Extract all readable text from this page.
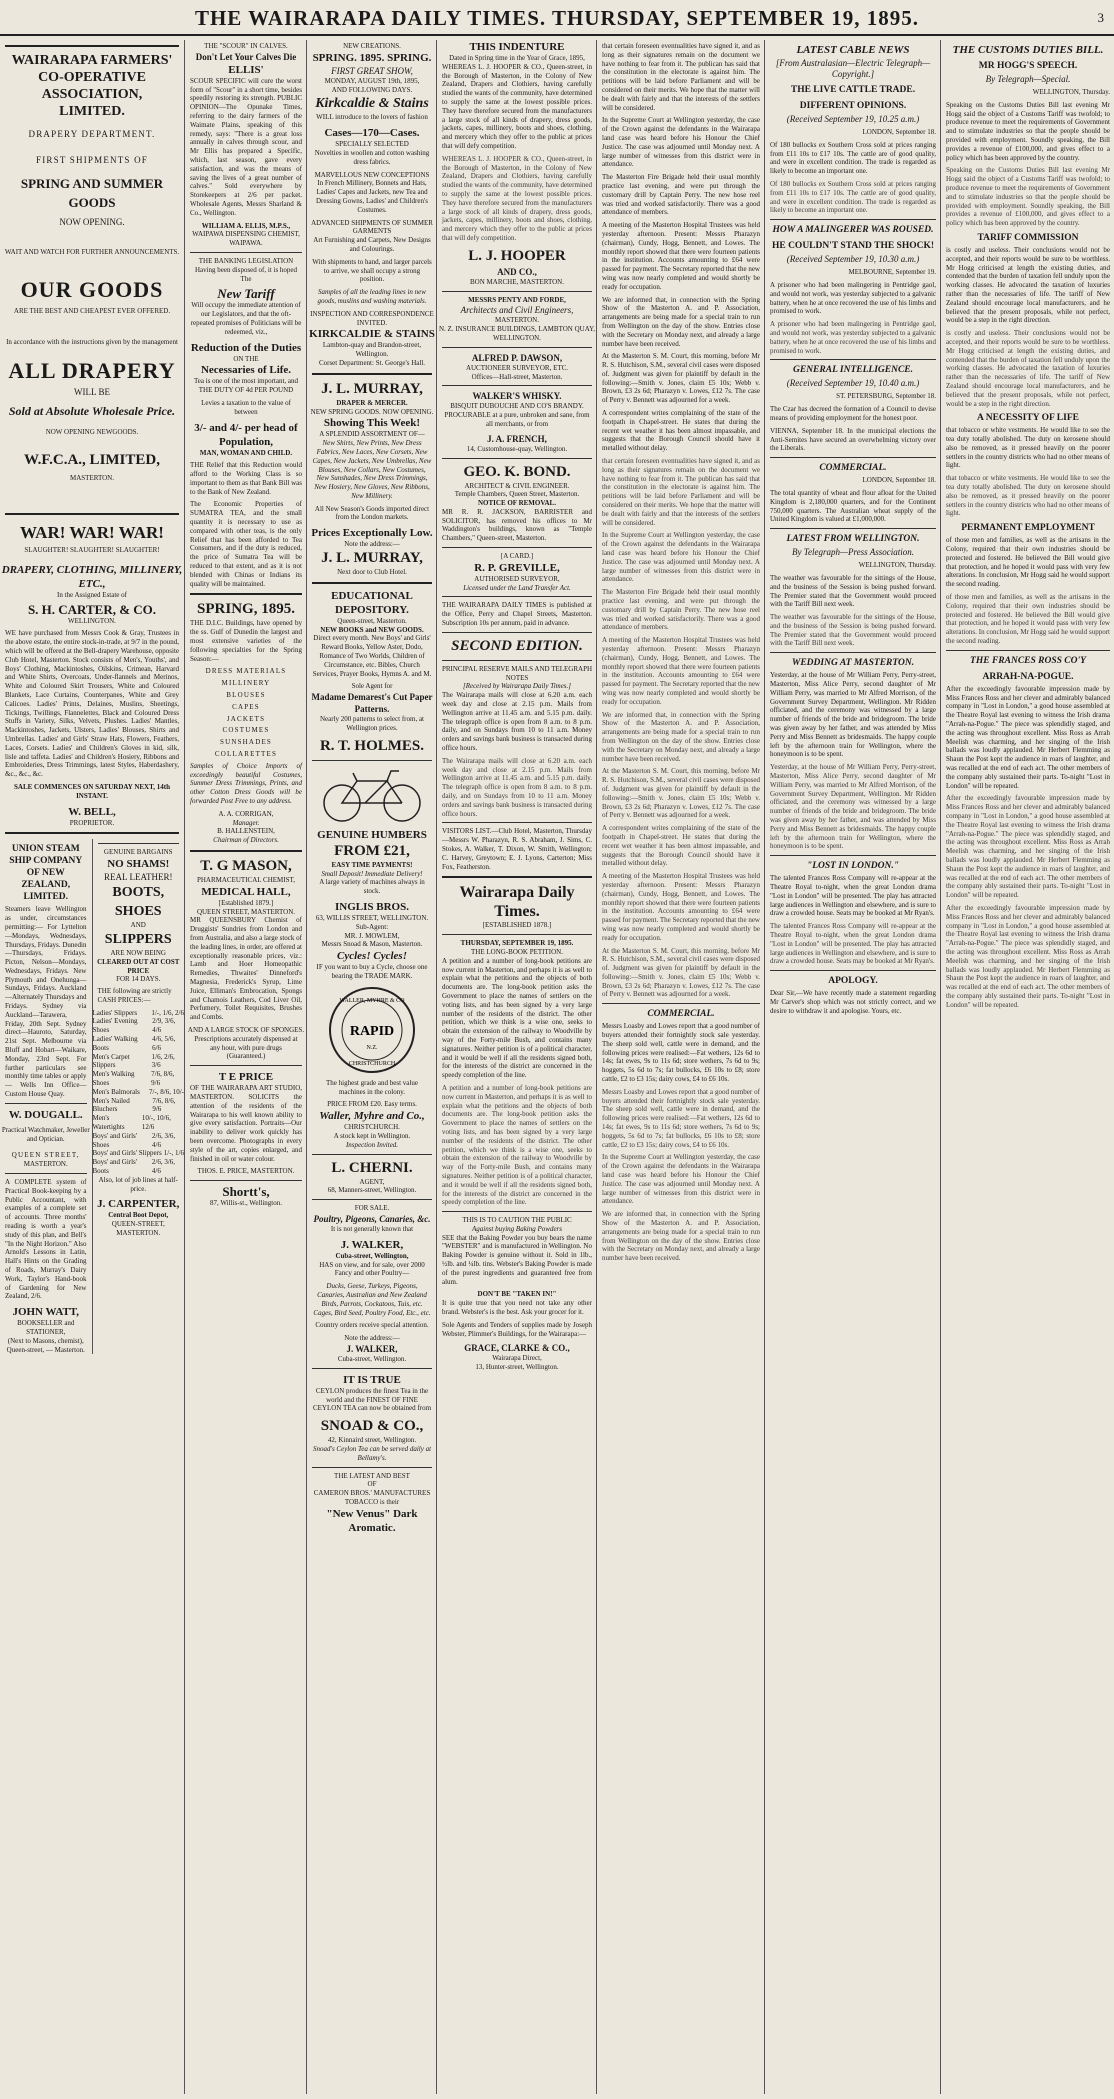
THE WAIRARAPA DAILY TIMES. THURSDAY, SEPTEMBER 19, 1895.	3
WAIRARAPA FARMERS'
CO-OPERATIVE ASSOCIATION,
LIMITED.
DRAPERY DEPARTMENT.
FIRST SHIPMENTS OF
SPRING AND SUMMER GOODS
NOW OPENING.
WAIT AND WATCH FOR FURTHER ANNOUNCEMENTS.
OUR GOODS
ARE THE BEST AND CHEAPEST EVER OFFERED.
In accordance with the instructions given by the management
ALL DRAPERY
WILL BE
Sold at Absolute Wholesale Price.
NOW OPENING NEWGOODS.
W.F.C.A., LIMITED,
MASTERTON.
WAR! WAR! WAR!
SLAUGHTER! SLAUGHTER! SLAUGHTER!
DRAPERY, CLOTHING, MILLINERY, ETC.,
In the Assigned Estate of
S. H. CARTER, & CO.
WELLINGTON.
WE have purchased from Messrs Cook & Gray, Trustees in the above estate, the entire stock-in-trade, at 9/7 in the pound, which will be offered at the Bell-drapery Warehouse, opposite Club Hotel, Masterton. Stock consists of Men's, Youths', and Boys' Clothing, Mackintoshes, Oilskins, Crimean, Harvard and White Shirts, Overcoats, Under-flannels and Merinos, White and Coloured Skirt Trousers, White and Coloured Blankets, Lace Curtains, Counterpanes, White and Grey Calicoes. Ladies' Prints, Delaines, Muslins, Sheetings, Tickings, Twillings, Flannelettes, Black and Coloured Dress Stuffs in Variety, Silks, Velvets, Plushes. Ladies' Mantles, Mackintoshes, Jackets, Ulsters, Ladies' Blouses, Shirts and Umbrellas. Ladies' and Girls' Straw Hats, Flowers, Feathers, Laces, Corsets. Ladies' and Children's Gloves in kid, silk, lisle and taffeta. Ladies' and Children's Hosiery, Ribbons and Embroideries, Dress Trimmings, latest Styles, Haberdashery, &c., &c., &c.
SALE COMMENCES ON SATURDAY NEXT, 14th INSTANT.
W. BELL,
PROPRIETOR.
UNION STEAM SHIP COMPANY OF NEW ZEALAND, LIMITED.
Steamers leave Wellington as under, circumstances permitting:— For Lyttelton—Mondays, Wednesdays, Thursdays, Fridays. Dunedin—Thursdays, Fridays. Picton, Nelson—Mondays, Wednesdays, Fridays. New Plymouth and Onehunga—Sundays, Fridays. Auckland—Alternately Thursdays and Fridays. Sydney via Auckland—Tarawera, Friday, 20th Sept. Sydney direct—Hauroto, Saturday, 21st Sept. Melbourne via Bluff and Hobart—Waikare, Monday, 23rd Sept. For further particulars see monthly time tables or apply— Wells Inn Office—Custom House Quay.
W. DOUGALL.
Practical Watchmaker, Jeweller and Optician.
QUEEN STREET,
MASTERTON.
A COMPLETE system of Practical Book-keeping by a Public Accountant, with examples of a complete set of accounts. Three months' reading is worth a year's study of this plan, and Bell's "In the Night Horizon." Also Arnold's Lessons in Latin, Hall's Hints on the Grading of Roads, Murray's Dairy Work, Taylor's Hand-book of Gardening for New Zealand, 2/6.
JOHN WATT,
BOOKSELLER and STATIONER,
(Next to Masons, chemist),
Queen-street, — Masterton.
GENUINE BARGAINS
NO SHAMS!
REAL LEATHER!
BOOTS, SHOES
AND
SLIPPERS
ARE NOW BEING
CLEARED OUT AT COST PRICE
FOR 14 DAYS.
THE following are strictly CASH PRICES:—
Ladies' Slippers 1/-, 1/6, 2/6
Ladies' Evening Shoes
2/9, 3/6, 4/6
Ladies' Walking Boots
4/6, 5/6, 6/6
Men's Carpet Slippers
1/6, 2/6, 3/6
Men's Walking Shoes
7/6, 8/6, 9/6
Men's Balmorals 7/-, 8/6, 10/-
Men's Nailed Bluchers
7/6, 8/6, 9/6
Men's Watertights
10/-, 10/6, 12/6
Boys' and Girls' Shoes
2/6, 3/6, 4/6
Boys' and Girls' Slippers 1/-, 1/6
Boys' and Girls' Boots
2/6, 3/6, 4/6
Also, lot of job lines at half-price.
J. CARPENTER,
Central Boot Depot,
QUEEN-STREET, MASTERTON.
THE "SCOUR" IN CALVES.
Don't Let Your Calves Die
ELLIS'
SCOUR SPECIFIC will cure the worst form of "Scour" in a short time, besides speedily restoring its strength. PUBLIC OPINION—The Opunake Times, referring to the dairy farmers of the Waimate Plains, speaking of this remedy, says: "There is a great loss annually in calves through scour, and Mr Ellis has prepared a Specific, which, last season, gave every satisfaction, and was the means of saving the lives of a great number of calves." Sold everywhere by Storekeepers at 2/6 per packet. Wholesale Agents, Messrs Sharland & Co., Wellington.
WILLIAM A. ELLIS, M.P.S.,
WAIPAWA DISPENSING CHEMIST, WAIPAWA.
THE BANKING LEGISLATION
Having been disposed of, it is hoped The
New Tariff
Will occupy the immediate attention of our Legislators, and that the oft-repeated promises of Politicians will be redeemed, viz.,
Reduction of the Duties
ON THE
Necessaries of Life.
Tea is one of the most important, and THE DUTY OF 4d PER POUND
Levies a taxation to the value of between
3/- and 4/- per head of Population,
MAN, WOMAN AND CHILD.
THE Relief that this Reduction would afford to the Working Class is so important to them as that Bank Bill was to the Bank of New Zealand.
The Economic Properties of SUMATRA TEA, and the small quantity it is necessary to use as compared with other teas, is the only Relief that has been afforded to Tea Consumers, and if the duty is reduced, the price of Sumatra Tea will be reduced to that extent, and as it is not blended with Chinas or Indians its quality will be maintained.
SPRING, 1895.
THE D.I.C. Buildings, have opened by the ss. Gulf of Dunedin the largest and most extensive varieties of the following specialties for the Spring Season:—
DRESS MATERIALS
MILLINERY
BLOUSES
CAPES
JACKETS
COSTUMES
SUNSHADES
COLLARETTES
Samples of Choice Imports of exceedingly beautiful Costumes, Summer Dress Trimmings, Prints, and other Cotton Dress Goods will be forwarded Post Free to any address.
A. A. CORRIGAN,
Manager.
B. HALLENSTEIN,
Chairman of Directors.
T. G MASON,
PHARMACEUTICAL CHEMIST,
MEDICAL HALL,
[Established 1879.]
QUEEN STREET, MASTERTON.
MR QUEENSBURY Chemist of Druggists' Sundries from London and from Australia, and also a large stock of the leading lines, in order, are offered at exceptionally reasonable prices, viz.: Lamb and Hoer Homeopathic Remedies, Thwaites' Dinneford's Magnesia, Frederick's Syrup, Lime Juice, Elliman's Embrocation, Spongs and Chamois Leathers, Cod Liver Oil, Perfumery, Toilet Requisites, Brushes and Combs.
AND A LARGE STOCK OF SPONGES.
Prescriptions accurately dispensed at any hour, with pure drugs (Guaranteed.)
T E PRICE
OF THE WAIRARAPA ART STUDIO, MASTERTON. SOLICITS the attention of the residents of the Wairarapa to his well known ability to give every satisfaction. Portraits—Our inability to deliver work quickly has been overcome. Photographs in every style of the art, copies enlarged, and finished in oil or water colour.
THOS. E. PRICE, MASTERTON.
Shortt's,
87, Willis-st., Wellington.
NEW CREATIONS.
SPRING. 1895. SPRING.
FIRST GREAT SHOW,
MONDAY, AUGUST 19th, 1895,
AND FOLLOWING DAYS.
Kirkcaldie & Stains
WILL introduce to the lovers of fashion
Cases—170—Cases.
SPECIALLY SELECTED
Novelties in woollen and cotton washing dress fabrics.
MARVELLOUS NEW CONCEPTIONS
In French Millinery, Bonnets and Hats, Ladies' Capes and Jackets, new Tea and Dressing Gowns, Ladies' and Children's Costumes.
ADVANCED SHIPMENTS OF SUMMER GARMENTS
Art Furnishing and Carpets, New Designs and Colourings.
With shipments to hand, and larger parcels to arrive, we shall occupy a strong position.
Samples of all the leading lines in new goods, muslins and washing materials.
INSPECTION AND CORRESPONDENCE INVITED.
KIRKCALDIE & STAINS
Lambton-quay and Brandon-street, Wellington.
Corset Department: St. George's Hall.
J. L. MURRAY,
DRAPER & MERCER.
NEW SPRING GOODS. NOW OPENING.
Showing This Week!
A SPLENDID ASSORTMENT OF—
New Shirts, New Prints, New Dress Fabrics, New Laces, New Corsets, New Capes, New Jackets, New Umbrellas, New Blouses, New Collars, New Costumes, New Sunshades, New Dress Trimmings, New Hosiery, New Gloves, New Ribbons, New Millinery.
All New Season's Goods imported direct from the London markets.
Prices Exceptionally Low.
Note the address:—
J. L. MURRAY,
Next door to Club Hotel.
EDUCATIONAL DEPOSITORY.
Queen-street, Masterton.
NEW BOOKS and NEW GOODS.
Direct every month. New Boys' and Girls' Reward Books, Yellow Aster, Dodo, Romance of Two Worlds, Children of Circumstance, etc. Bibles, Church Services, Prayer Books, Hymns A. and M.
Sole Agent for
Madame Demarest's Cut Paper Patterns.
Nearly 200 patterns to select from, at Wellington prices.
R. T. HOLMES.
GENUINE HUMBERS
FROM £21,
EASY TIME PAYMENTS!
Small Deposit! Immediate Delivery!
A large variety of machines always in stock.
INGLIS BROS.
63, WILLIS STREET, WELLINGTON.
Sub-Agent:
MR. J. MOWLEM,
Messrs Snoad & Mason, Masterton.
Cycles! Cycles!
IF you want to buy a Cycle, choose one bearing the TRADE MARK.
RAPID
WALLER, MYHRE & CO
CHRISTCHURCH
N.Z.
The highest grade and best value machines in the colony.
PRICE FROM £20. Easy terms.
Waller, Myhre and Co.,
CHRISTCHURCH.
A stock kept in Wellington.
Inspection Invited.
L. CHERNI.
AGENT,
68, Manners-street, Wellington.
FOR SALE.
Poultry, Pigeons, Canaries, &c.
It is not generally known that
J. WALKER,
Cuba-street, Wellington,
HAS on view, and for sale, over 2000 Fancy and other Poultry—
Ducks, Geese, Turkeys, Pigeons, Canaries, Australian and New Zealand Birds, Parrots, Cockatoos, Tuis, etc. Cages, Bird Seed, Poultry Food, Etc., etc.
Country orders receive special attention.
Note the address:—
J. WALKER,
Cuba-street, Wellington.
IT IS TRUE
CEYLON produces the finest Tea in the world and the FINEST OF FINE CEYLON TEA can now be obtained from
SNOAD & CO.,
42, Kinnaird street, Wellington.
Snoad's Ceylon Tea can be served daily at Bellamy's.
THE LATEST AND BEST
OF
CAMERON BROS.' MANUFACTURES
TOBACCO is their
"New Venus" Dark Aromatic.
THIS INDENTURE
Dated in Spring time in the Year of Grace, 1895,
WHEREAS L. J. HOOPER & CO., Queen-street, in the Borough of Masterton, in the Colony of New Zealand, Drapers and Clothiers, having carefully studied the wants of the community, have determined to supply the same at the lowest possible prices. They have therefore secured from the manufacturers a large stock of all kinds of drapery, dress goods, jackets, capes, millinery, boots and shoes, clothing, and mercery which they offer to the public at prices that will defy competition.
WHEREAS L. J. HOOPER & CO., Queen-street, in the Borough of Masterton, in the Colony of New Zealand, Drapers and Clothiers, having carefully studied the wants of the community, have determined to supply the same at the lowest possible prices. They have therefore secured from the manufacturers a large stock of all kinds of drapery, dress goods, jackets, capes, millinery, boots and shoes, clothing, and mercery which they offer to the public at prices that will defy competition.
L. J. HOOPER
AND CO.,
BON MARCHE, MASTERTON.
MESSRS PENTY AND FORDE,
Architects and Civil Engineers,
MASTERTON.
N. Z. INSURANCE BUILDINGS, LAMBTON QUAY, WELLINGTON.
ALFRED P. DAWSON,
AUCTIONEER SURVEYOR, ETC.
Offices—Hall-street, Masterton.
WALKER'S WHISKY.
BISQUIT DUBOUCHE AND CO'S BRANDY.
PROCURABLE at a pure, unbroken and sane, from all merchants, or from
J. A. FRENCH,
14, Customhouse-quay, Wellington.
GEO. K. BOND.
ARCHITECT & CIVIL ENGINEER.
Temple Chambers, Queen Street, Masterton.
NOTICE OF REMOVAL.
MR R. R. JACKSON, BARRISTER and SOLICITOR, has removed his offices to Mr Waddington's buildings, known as "Temple Chambers," Queen-street, Masterton.
[A CARD.]
R. P. GREVILLE,
AUTHORISED SURVEYOR,
Licensed under the Land Transfer Act.
THE WAIRARAPA DAILY TIMES is published at the Office, Perry and Chapel Streets, Masterton. Subscription 10s per annum, paid in advance.
SECOND EDITION.
PRINCIPAL RESERVE MAILS AND TELEGRAPH NOTES
[Received by Wairarapa Daily Times.]
The Wairarapa mails will close at 6.20 a.m. each week day and close at 2.15 p.m. Mails from Wellington arrive at 11.45 a.m. and 5.15 p.m. daily. The telegraph office is open from 8 a.m. to 8 p.m. daily, and on Sundays from 10 to 11 a.m. Money orders and savings bank business is transacted during office hours.
The Wairarapa mails will close at 6.20 a.m. each week day and close at 2.15 p.m. Mails from Wellington arrive at 11.45 a.m. and 5.15 p.m. daily. The telegraph office is open from 8 a.m. to 8 p.m. daily, and on Sundays from 10 to 11 a.m. Money orders and savings bank business is transacted during office hours.
VISITORS LIST.—Club Hotel, Masterton, Thursday—Messrs W. Pharazyn, R. S. Abraham, J. Sims, C. Stokes, A. Walker, T. Dixon, W. Smith, Wellington; C. Harvey, Greytown; E. J. Lyons, Carterton; Miss Fox, Featherston.
Wairarapa Daily Times.
[ESTABLISHED 1878.]
THURSDAY, SEPTEMBER 19, 1895.
THE LONG-BOOK PETITION.
A petition and a number of long-book petitions are now current in Masterton, and perhaps it is as well to explain what the petitions and the objects of both documents are. The long-book petition asks the Government to place the names of settlers on the voting lists, and has been signed by a very large number of the residents of the district. The other petition, which we think is a wise one, seeks to obtain the extension of the railway to Woodville by way of the Forty-mile Bush, and contains many signatures. Neither petition is of a political character, and it would be well if all the residents signed both, for the interests of the district are concerned in the speedy completion of the line.
A petition and a number of long-book petitions are now current in Masterton, and perhaps it is as well to explain what the petitions and the objects of both documents are. The long-book petition asks the Government to place the names of settlers on the voting lists, and has been signed by a very large number of the residents of the district. The other petition, which we think is a wise one, seeks to obtain the extension of the railway to Woodville by way of the Forty-mile Bush, and contains many signatures. Neither petition is of a political character, and it would be well if all the residents signed both, for the interests of the district are concerned in the speedy completion of the line.
THIS IS TO CAUTION THE PUBLIC
Against buying Baking Powders
SEE that the Baking Powder you buy bears the name "WEBSTER" and is manufactured in Wellington. No Baking Powder is genuine without it. Sold in 1lb., ½lb. and ¼lb. tins. Webster's Baking Powder is made of the purest ingredients and guaranteed free from alum.
DON'T BE "TAKEN IN!"
It is quite true that you need not take any other brand. Webster's is the best. Ask your grocer for it.
Sole Agents and Tenders of supplies made by Joseph Webster, Plimmer's Buildings, for the Wairarapa:—
GRACE, CLARKE & CO.,
Wairarapa Direct,
13, Hunter-street, Wellington.
that certain foreseen eventualities have signed it, and as long as their signatures remain on the document we have nothing to fear from it. The publican has said that the constitution in the electorate is against him. The petitions will be laid before Parliament and will be considered on their merits. We hope that the matter will be dealt with fairly and that the interests of the settlers will be considered.
In the Supreme Court at Wellington yesterday, the case of the Crown against the defendants in the Wairarapa land case was heard before his Honour the Chief Justice. The case was adjourned until Monday next. A large number of witnesses from this district were in attendance.
The Masterton Fire Brigade held their usual monthly practice last evening, and were put through the customary drill by Captain Perry. The new hose reel was tried and worked satisfactorily. There was a good attendance of members.
A meeting of the Masterton Hospital Trustees was held yesterday afternoon. Present: Messrs Pharazyn (chairman), Cundy, Hogg, Bennett, and Lowes. The monthly report showed that there were fourteen patients in the institution. Accounts amounting to £64 were passed for payment. The Secretary reported that the new wing was now nearly completed and would shortly be ready for occupation.
We are informed that, in connection with the Spring Show of the Masterton A. and P. Association, arrangements are being made for a special train to run from Wellington on the day of the show. Entries close with the Secretary on Monday next, and already a large number have been received.
At the Masterton S. M. Court, this morning, before Mr R. S. Hutchison, S.M., several civil cases were disposed of. Judgment was given for plaintiff by default in the following:—Smith v. Jones, claim £5 10s; Webb v. Brown, £3 2s 6d; Pharazyn v. Lowes, £12 7s. The case of Perry v. Bennett was adjourned for a week.
A correspondent writes complaining of the state of the footpath in Chapel-street. He states that during the recent wet weather it has been almost impassable, and suggests that the Borough Council should have it metalled without delay.
that certain foreseen eventualities have signed it, and as long as their signatures remain on the document we have nothing to fear from it. The publican has said that the constitution in the electorate is against him. The petitions will be laid before Parliament and will be considered on their merits. We hope that the matter will be dealt with fairly and that the interests of the settlers will be considered.
In the Supreme Court at Wellington yesterday, the case of the Crown against the defendants in the Wairarapa land case was heard before his Honour the Chief Justice. The case was adjourned until Monday next. A large number of witnesses from this district were in attendance.
The Masterton Fire Brigade held their usual monthly practice last evening, and were put through the customary drill by Captain Perry. The new hose reel was tried and worked satisfactorily. There was a good attendance of members.
A meeting of the Masterton Hospital Trustees was held yesterday afternoon. Present: Messrs Pharazyn (chairman), Cundy, Hogg, Bennett, and Lowes. The monthly report showed that there were fourteen patients in the institution. Accounts amounting to £64 were passed for payment. The Secretary reported that the new wing was now nearly completed and would shortly be ready for occupation.
We are informed that, in connection with the Spring Show of the Masterton A. and P. Association, arrangements are being made for a special train to run from Wellington on the day of the show. Entries close with the Secretary on Monday next, and already a large number have been received.
At the Masterton S. M. Court, this morning, before Mr R. S. Hutchison, S.M., several civil cases were disposed of. Judgment was given for plaintiff by default in the following:—Smith v. Jones, claim £5 10s; Webb v. Brown, £3 2s 6d; Pharazyn v. Lowes, £12 7s. The case of Perry v. Bennett was adjourned for a week.
A correspondent writes complaining of the state of the footpath in Chapel-street. He states that during the recent wet weather it has been almost impassable, and suggests that the Borough Council should have it metalled without delay.
A meeting of the Masterton Hospital Trustees was held yesterday afternoon. Present: Messrs Pharazyn (chairman), Cundy, Hogg, Bennett, and Lowes. The monthly report showed that there were fourteen patients in the institution. Accounts amounting to £64 were passed for payment. The Secretary reported that the new wing was now nearly completed and would shortly be ready for occupation.
At the Masterton S. M. Court, this morning, before Mr R. S. Hutchison, S.M., several civil cases were disposed of. Judgment was given for plaintiff by default in the following:—Smith v. Jones, claim £5 10s; Webb v. Brown, £3 2s 6d; Pharazyn v. Lowes, £12 7s. The case of Perry v. Bennett was adjourned for a week.
COMMERCIAL.
Messrs Loasby and Lowes report that a good number of buyers attended their fortnightly stock sale yesterday. The sheep sold well, cattle were in demand, and the following prices were realised:—Fat wethers, 12s 6d to 14s; fat ewes, 9s to 11s 6d; store wethers, 7s 6d to 9s; hoggets, 5s 6d to 7s; fat bullocks, £6 10s to £8; store cattle, £2 to £3 15s; dairy cows, £4 to £6 10s.
Messrs Loasby and Lowes report that a good number of buyers attended their fortnightly stock sale yesterday. The sheep sold well, cattle were in demand, and the following prices were realised:—Fat wethers, 12s 6d to 14s; fat ewes, 9s to 11s 6d; store wethers, 7s 6d to 9s; hoggets, 5s 6d to 7s; fat bullocks, £6 10s to £8; store cattle, £2 to £3 15s; dairy cows, £4 to £6 10s.
In the Supreme Court at Wellington yesterday, the case of the Crown against the defendants in the Wairarapa land case was heard before his Honour the Chief Justice. The case was adjourned until Monday next. A large number of witnesses from this district were in attendance.
We are informed that, in connection with the Spring Show of the Masterton A. and P. Association, arrangements are being made for a special train to run from Wellington on the day of the show. Entries close with the Secretary on Monday next, and already a large number have been received.
LATEST CABLE NEWS
[From Australasian—Electric Telegraph—Copyright.]
THE LIVE CATTLE TRADE.
DIFFERENT OPINIONS.
(Received September 19, 10.25 a.m.)
LONDON, September 18.
Of 180 bullocks ex Southern Cross sold at prices ranging from £11 10s to £17 10s. The cattle are of good quality, and were in excellent condition. The trade is regarded as likely to become an important one.
Of 180 bullocks ex Southern Cross sold at prices ranging from £11 10s to £17 10s. The cattle are of good quality, and were in excellent condition. The trade is regarded as likely to become an important one.
HOW A MALINGERER WAS ROUSED.
HE COULDN'T STAND THE SHOCK!
(Received September 19, 10.30 a.m.)
MELBOURNE, September 19.
A prisoner who had been malingering in Pentridge gaol, and would not work, was yesterday subjected to a galvanic battery, when he at once recovered the use of his limbs and promised to work.
A prisoner who had been malingering in Pentridge gaol, and would not work, was yesterday subjected to a galvanic battery, when he at once recovered the use of his limbs and promised to work.
GENERAL INTELLIGENCE.
(Received September 19, 10.40 a.m.)
ST. PETERSBURG, September 18.
The Czar has decreed the formation of a Council to devise means of providing employment for the honest poor.
VIENNA, September 18. In the municipal elections the Anti-Semites have secured an overwhelming victory over the Liberals.
COMMERCIAL.
LONDON, September 18.
The total quantity of wheat and flour afloat for the United Kingdom is 2,180,000 quarters, and for the Continent 750,000 quarters. The Australian wheat supply of the United Kingdom is valued at £1,000,000.
LATEST FROM WELLINGTON.
By Telegraph—Press Association.
WELLINGTON, Thursday.
The weather was favourable for the sittings of the House, and the business of the Session is being pushed forward. The Premier stated that the Government would proceed with the Tariff Bill next week.
The weather was favourable for the sittings of the House, and the business of the Session is being pushed forward. The Premier stated that the Government would proceed with the Tariff Bill next week.
WEDDING AT MASTERTON.
Yesterday, at the house of Mr William Perry, Perry-street, Masterton, Miss Alice Perry, second daughter of Mr William Perry, was married to Mr Alfred Morrison, of the Government Survey Department, Wellington. Mr Ridden officiated, and the ceremony was witnessed by a large number of friends of the bride and bridegroom. The bride was given away by her father, and was attended by Miss Perry and Miss Bennett as bridesmaids. The happy couple left by the afternoon train for Wellington, where the honeymoon is to be spent.
Yesterday, at the house of Mr William Perry, Perry-street, Masterton, Miss Alice Perry, second daughter of Mr William Perry, was married to Mr Alfred Morrison, of the Government Survey Department, Wellington. Mr Ridden officiated, and the ceremony was witnessed by a large number of friends of the bride and bridegroom. The bride was given away by her father, and was attended by Miss Perry and Miss Bennett as bridesmaids. The happy couple left by the afternoon train for Wellington, where the honeymoon is to be spent.
"LOST IN LONDON."
The talented Frances Ross Company will re-appear at the Theatre Royal to-night, when the great London drama "Lost in London" will be presented. The play has attracted large audiences in Wellington and elsewhere, and is sure to draw a crowded house. Seats may be booked at Mr Ryan's.
The talented Frances Ross Company will re-appear at the Theatre Royal to-night, when the great London drama "Lost in London" will be presented. The play has attracted large audiences in Wellington and elsewhere, and is sure to draw a crowded house. Seats may be booked at Mr Ryan's.
APOLOGY.
Dear Sir,—We have recently made a statement regarding Mr Carver's shop which was not strictly correct, and we desire to withdraw it and apologise. Yours, etc.
THE CUSTOMS DUTIES BILL.
MR HOGG'S SPEECH.
By Telegraph—Special.
WELLINGTON, Thursday.
Speaking on the Customs Duties Bill last evening Mr Hogg said the object of a Customs Tariff was twofold; to produce revenue to meet the requirements of Government and to stimulate industries so that the people should be provided with employment. Soundly speaking, the Bill provides a revenue of £100,000, and gives effect to a policy which has been approved by the country.
Speaking on the Customs Duties Bill last evening Mr Hogg said the object of a Customs Tariff was twofold; to produce revenue to meet the requirements of Government and to stimulate industries so that the people should be provided with employment. Soundly speaking, the Bill provides a revenue of £100,000, and gives effect to a policy which has been approved by the country.
TARIFF COMMISSION
is costly and useless. Their conclusions would not be accepted, and their reports would be sure to be worthless. Mr Hogg criticised at length the existing duties, and contended that the burden of taxation fell unduly upon the working classes. He advocated the taxation of luxuries rather than the necessaries of life. The tariff of New Zealand should encourage local manufacturers, and he believed that the present proposals, while not perfect, would be a step in the right direction.
is costly and useless. Their conclusions would not be accepted, and their reports would be sure to be worthless. Mr Hogg criticised at length the existing duties, and contended that the burden of taxation fell unduly upon the working classes. He advocated the taxation of luxuries rather than the necessaries of life. The tariff of New Zealand should encourage local manufacturers, and he believed that the present proposals, while not perfect, would be a step in the right direction.
A NECESSITY OF LIFE
that tobacco or white vestments. He would like to see the tea duty totally abolished. The duty on kerosene should also be removed, as it pressed heavily on the poorer settlers in the country districts who had no other means of light.
that tobacco or white vestments. He would like to see the tea duty totally abolished. The duty on kerosene should also be removed, as it pressed heavily on the poorer settlers in the country districts who had no other means of light.
PERMANENT EMPLOYMENT
of those men and families, as well as the artisans in the Colony, required that their own industries should be protected and fostered. He believed the Bill would give that protection, and he hoped it would pass with very few alterations. In conclusion, Mr Hogg said he would support the second reading.
of those men and families, as well as the artisans in the Colony, required that their own industries should be protected and fostered. He believed the Bill would give that protection, and he hoped it would pass with very few alterations. In conclusion, Mr Hogg said he would support the second reading.
THE FRANCES ROSS CO'Y
ARRAH-NA-POGUE.
After the exceedingly favourable impression made by Miss Frances Ross and her clever and admirably balanced company in "Lost in London," a good house assembled at the Theatre Royal last evening to witness the Irish drama "Arrah-na-Pogue." The piece was splendidly staged, and the acting was throughout excellent. Miss Ross as Arrah Meelish was charming, and her singing of the Irish ballads was loudly applauded. Mr Herbert Flemming as Shaun the Post kept the audience in roars of laughter, and was recalled at the end of each act. The other members of the company ably sustained their parts. To-night "Lost in London" will be repeated.
After the exceedingly favourable impression made by Miss Frances Ross and her clever and admirably balanced company in "Lost in London," a good house assembled at the Theatre Royal last evening to witness the Irish drama "Arrah-na-Pogue." The piece was splendidly staged, and the acting was throughout excellent. Miss Ross as Arrah Meelish was charming, and her singing of the Irish ballads was loudly applauded. Mr Herbert Flemming as Shaun the Post kept the audience in roars of laughter, and was recalled at the end of each act. The other members of the company ably sustained their parts. To-night "Lost in London" will be repeated.
After the exceedingly favourable impression made by Miss Frances Ross and her clever and admirably balanced company in "Lost in London," a good house assembled at the Theatre Royal last evening to witness the Irish drama "Arrah-na-Pogue." The piece was splendidly staged, and the acting was throughout excellent. Miss Ross as Arrah Meelish was charming, and her singing of the Irish ballads was loudly applauded. Mr Herbert Flemming as Shaun the Post kept the audience in roars of laughter, and was recalled at the end of each act. The other members of the company ably sustained their parts. To-night "Lost in London" will be repeated.
